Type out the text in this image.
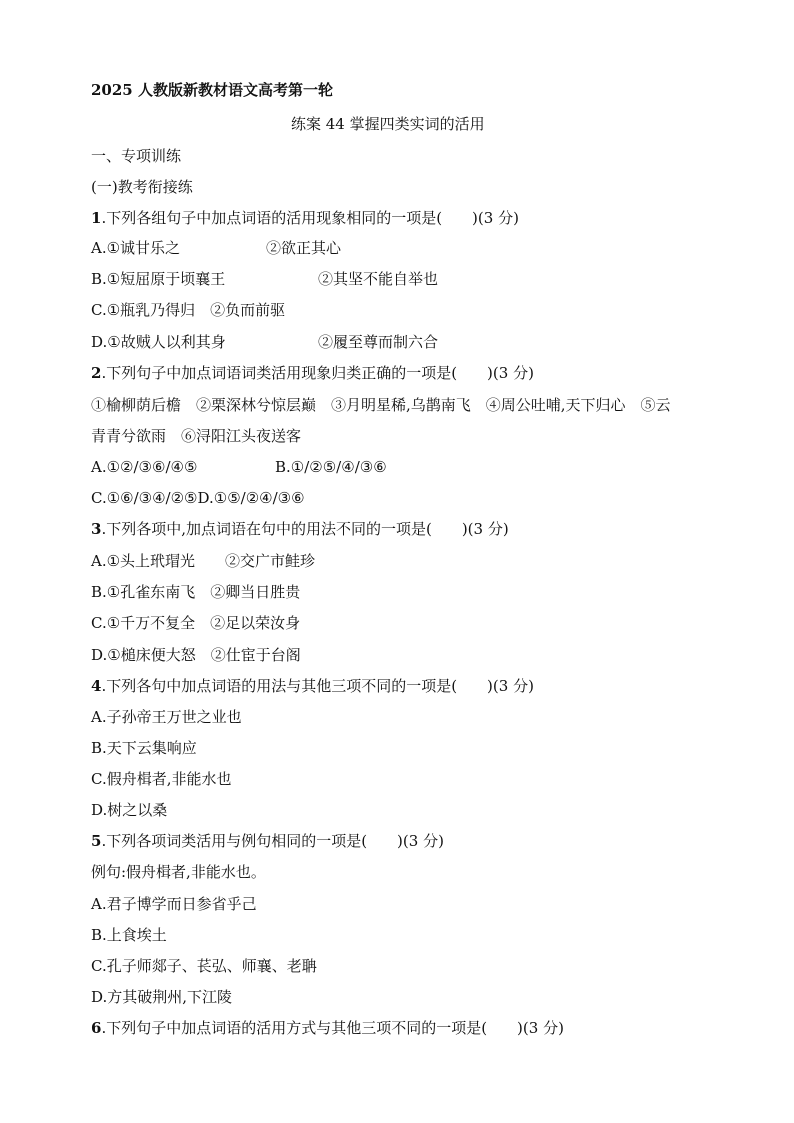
2025 人教版新教材语文高考第一轮
练案 44 掌握四类实词的活用
一、专项训练
(一)教考衔接练
1.下列各组句子中加点词语的活用现象相同的一项是(　　)(3 分)
A.①诚甘乐之	②欲正其心
B.①短屈原于顷襄王	②其坚不能自举也
C.①瓶乳乃得归　②负而前驱
D.①故贼人以利其身	②履至尊而制六合
2.下列句子中加点词语词类活用现象归类正确的一项是(　　)(3 分)
①榆柳荫后檐　②栗深林兮惊层巅　③月明星稀,乌鹊南飞　④周公吐哺,天下归心　⑤云
青青兮欲雨　⑥浔阳江头夜送客
A.①②/③⑥/④⑤	B.①/②⑤/④/③⑥
C.①⑥/③④/②⑤D.①⑤/②④/③⑥
3.下列各项中,加点词语在句中的用法不同的一项是(　　)(3 分)
A.①头上玳瑁光　　②交广市鲑珍
B.①孔雀东南飞　②卿当日胜贵
C.①千万不复全　②足以荣汝身
D.①槌床便大怒　②仕宦于台阁
4.下列各句中加点词语的用法与其他三项不同的一项是(　　)(3 分)
A.子孙帝王万世之业也
B.天下云集响应
C.假舟楫者,非能水也
D.树之以桑
5.下列各项词类活用与例句相同的一项是(　　)(3 分)
例句:假舟楫者,非能水也。
A.君子博学而日参省乎己
B.上食埃土
C.孔子师郯子、苌弘、师襄、老聃
D.方其破荆州,下江陵
6.下列句子中加点词语的活用方式与其他三项不同的一项是(　　)(3 分)
